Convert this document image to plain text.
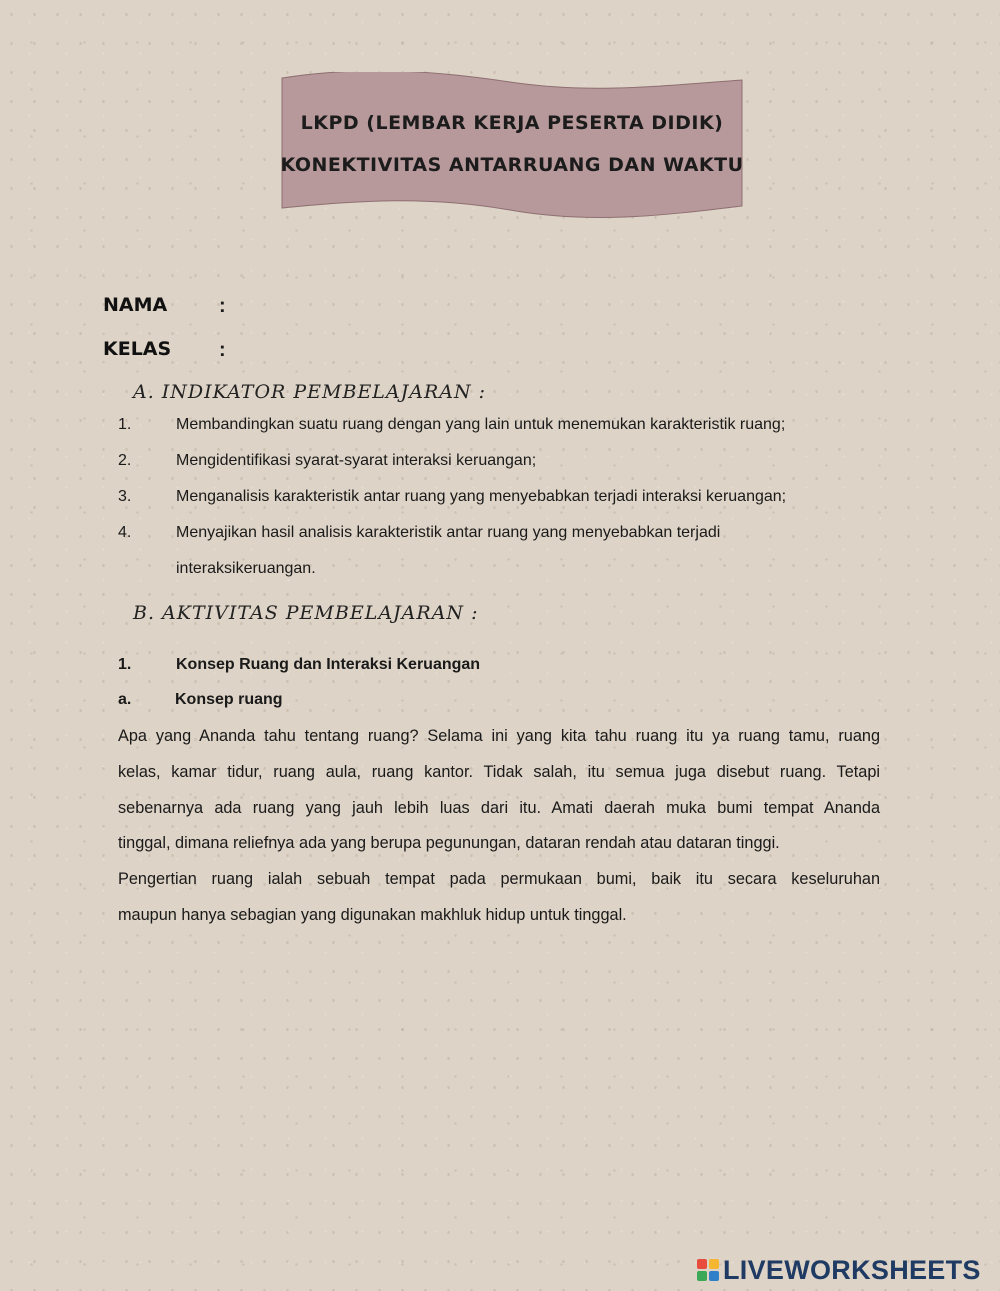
LKPD (LEMBAR KERJA PESERTA DIDIK)
KONEKTIVITAS ANTARRUANG DAN WAKTU
NAMA	:
KELAS :
A. INDIKATOR PEMBELAJARAN :
1.	Membandingkan suatu ruang dengan yang lain untuk menemukan karakteristik ruang;
2.	Mengidentifikasi syarat-syarat interaksi keruangan;
3.	Menganalisis karakteristik antar ruang yang menyebabkan terjadi interaksi keruangan;
4.	Menyajikan hasil analisis karakteristik antar ruang yang menyebabkan terjadi
interaksikeruangan.
B. AKTIVITAS PEMBELAJARAN :
1.	Konsep Ruang dan Interaksi Keruangan
a.	Konsep ruang
Apa yang Ananda tahu tentang ruang? Selama ini yang kita tahu ruang itu ya ruang tamu, ruang
kelas, kamar tidur, ruang aula, ruang kantor. Tidak salah, itu semua juga disebut ruang. Tetapi
sebenarnya ada ruang yang jauh lebih luas dari itu. Amati daerah muka bumi tempat Ananda
tinggal, dimana reliefnya ada yang berupa pegunungan, dataran rendah atau dataran tinggi.
Pengertian ruang ialah sebuah tempat pada permukaan bumi, baik itu secara keseluruhan
maupun hanya sebagian yang digunakan makhluk hidup untuk tinggal.
LIVEWORKSHEETS
